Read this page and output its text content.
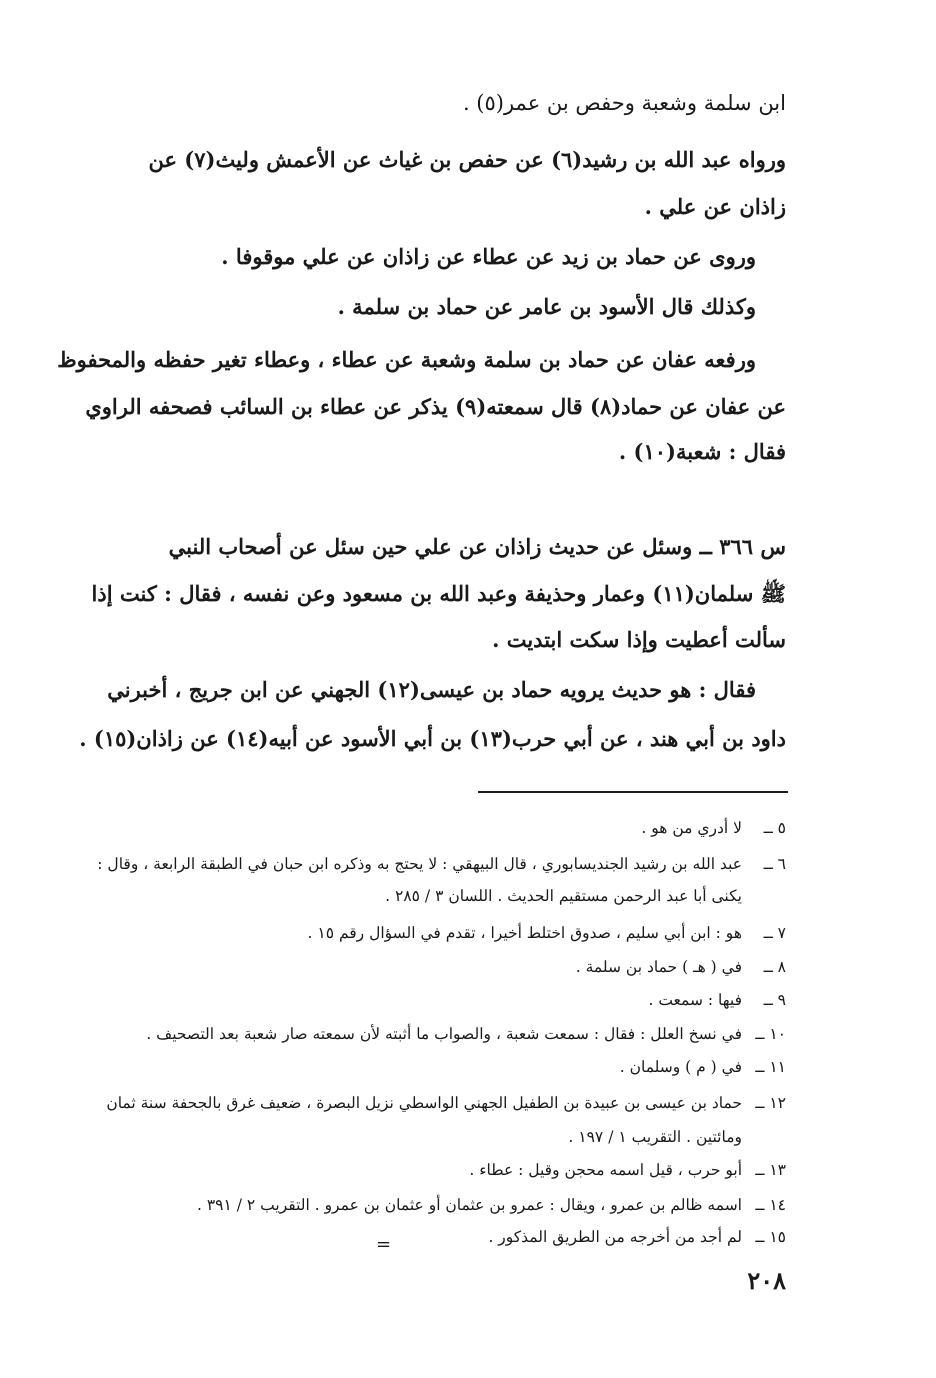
ابن سلمة وشعبة وحفص بن عمر(٥) .
ورواه عبد الله بن رشيد(٦) عن حفص بن غياث عن الأعمش وليث(٧) عن
زاذان عن علي .
وروى عن حماد بن زيد عن عطاء عن زاذان عن علي موقوفا .
وكذلك قال الأسود بن عامر عن حماد بن سلمة .
ورفعه عفان عن حماد بن سلمة وشعبة عن عطاء ، وعطاء تغير حفظه والمحفوظ
عن عفان عن حماد(٨) قال سمعته(٩) يذكر عن عطاء بن السائب فصحفه الراوي
فقال : شعبة(١٠) .
س ٣٦٦ ــ وسئل عن حديث زاذان عن علي حين سئل عن أصحاب النبي
ﷺ سلمان(١١) وعمار وحذيفة وعبد الله بن مسعود وعن نفسه ، فقال : كنت إذا
سألت أعطيت وإذا سكت ابتديت .
فقال : هو حديث يرويه حماد بن عيسى(١٢) الجهني عن ابن جريج ، أخبرني
داود بن أبي هند ، عن أبي حرب(١٣) بن أبي الأسود عن أبيه(١٤) عن زاذان(١٥) .
٥ ــلا أدري من هو .
٦ ــعبد الله بن رشيد الجنديسابوري ، قال البيهقي : لا يحتج به وذكره ابن حبان في الطبقة الرابعة ، وقال :
يكنى أبا عبد الرحمن مستقيم الحديث . اللسان ٣ / ٢٨٥ .
٧ ــهو : ابن أبي سليم ، صدوق اختلط أخيرا ، تقدم في السؤال رقم ١٥ .
٨ ــفي ( هـ ) حماد بن سلمة .
٩ ــفيها : سمعت .
١٠ ــفي نسخ العلل : فقال : سمعت شعبة ، والصواب ما أثبته لأن سمعته صار شعبة بعد التصحيف .
١١ ــفي ( م ) وسلمان .
١٢ ــحماد بن عيسى بن عبيدة بن الطفيل الجهني الواسطي نزيل البصرة ، ضعيف غرق بالجحفة سنة ثمان
ومائتين . التقريب ١ / ١٩٧ .
١٣ ــأبو حرب ، قيل اسمه محجن وقيل : عطاء .
١٤ ــاسمه ظالم بن عمرو ، ويقال : عمرو بن عثمان أو عثمان بن عمرو . التقريب ٢ / ٣٩١ .
١٥ ــلم أجد من أخرجه من الطريق المذكور .
=
٢٠٨
